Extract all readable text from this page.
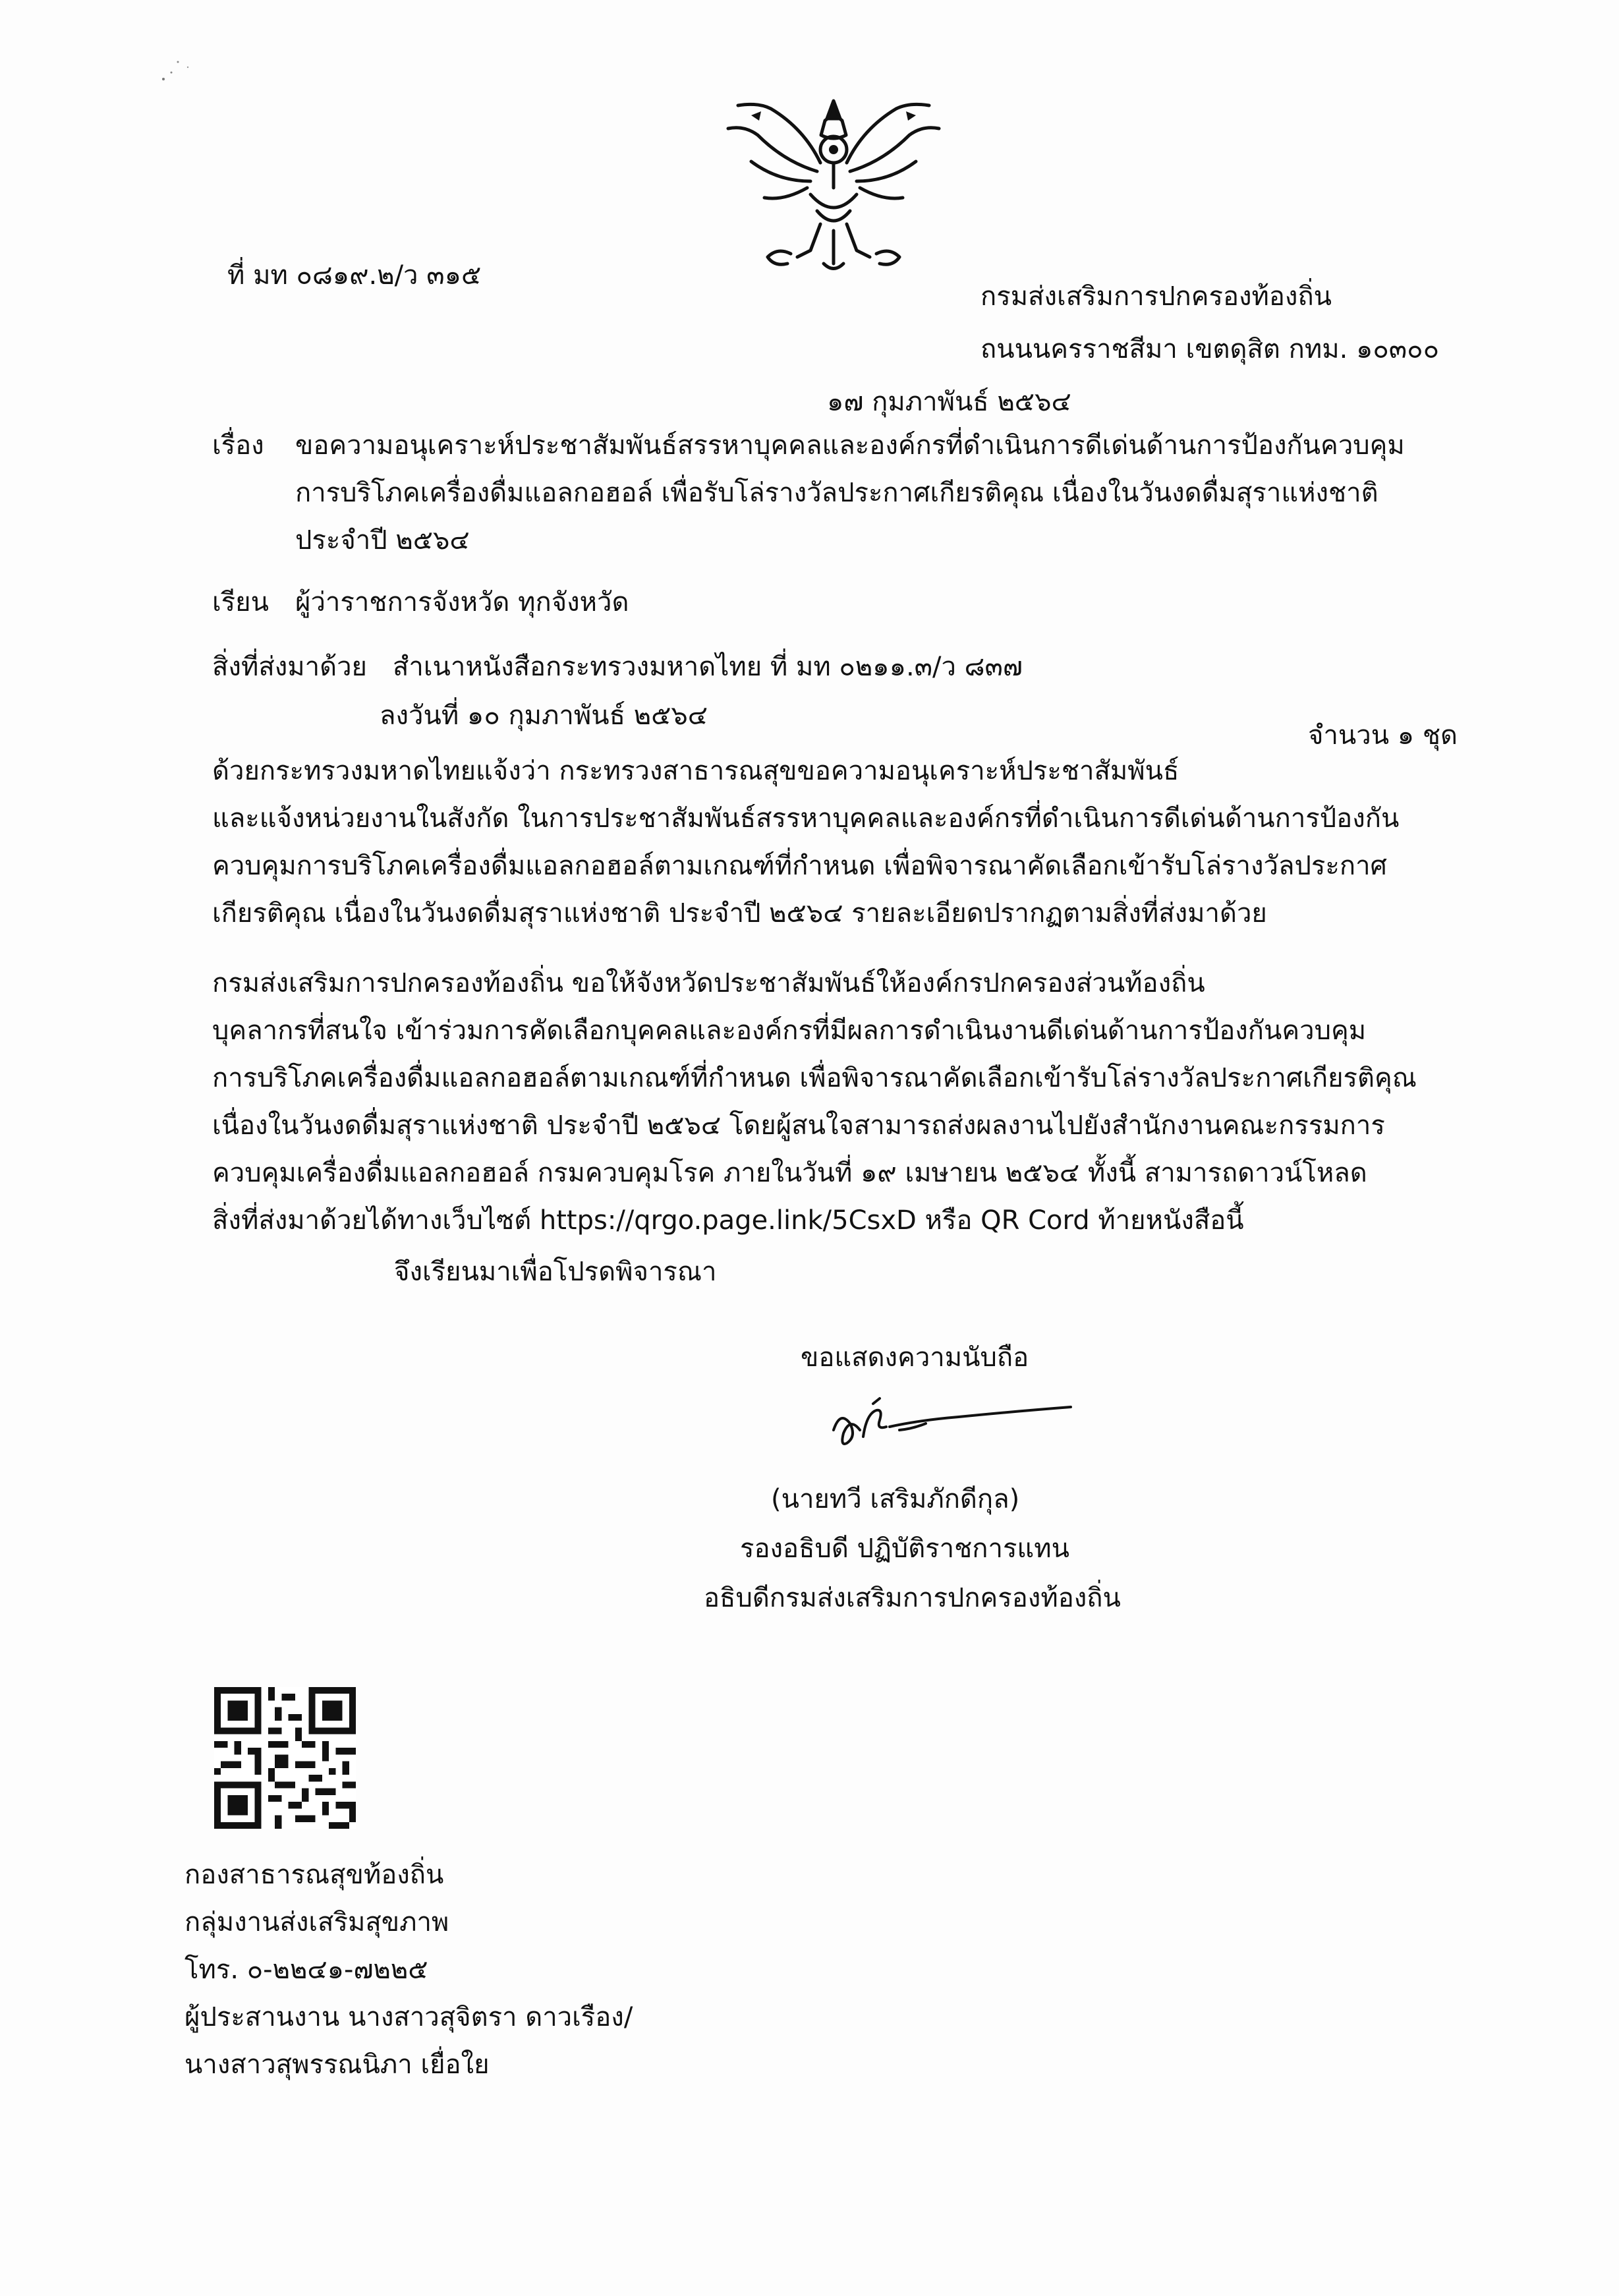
ที่ มท ๐๘๑๙.๒/ว ๓๑๕
กรมส่งเสริมการปกครองท้องถิ่น
ถนนนครราชสีมา เขตดุสิต กทม. ๑๐๓๐๐
๑๗ กุมภาพันธ์ ๒๕๖๔
เรื่อง ขอความอนุเคราะห์ประชาสัมพันธ์สรรหาบุคคลและองค์กรที่ดำเนินการดีเด่นด้านการป้องกันควบคุม
การบริโภคเครื่องดื่มแอลกอฮอล์ เพื่อรับโล่รางวัลประกาศเกียรติคุณ เนื่องในวันงดดื่มสุราแห่งชาติ
ประจำปี ๒๕๖๔
เรียน ผู้ว่าราชการจังหวัด ทุกจังหวัด
สิ่งที่ส่งมาด้วย สำเนาหนังสือกระทรวงมหาดไทย ที่ มท ๐๒๑๑.๓/ว ๘๓๗
ลงวันที่ ๑๐ กุมภาพันธ์ ๒๕๖๔
จำนวน ๑ ชุด
ด้วยกระทรวงมหาดไทยแจ้งว่า กระทรวงสาธารณสุขขอความอนุเคราะห์ประชาสัมพันธ์
และแจ้งหน่วยงานในสังกัด ในการประชาสัมพันธ์สรรหาบุคคลและองค์กรที่ดำเนินการดีเด่นด้านการป้องกัน
ควบคุมการบริโภคเครื่องดื่มแอลกอฮอล์ตามเกณฑ์ที่กำหนด เพื่อพิจารณาคัดเลือกเข้ารับโล่รางวัลประกาศ
เกียรติคุณ เนื่องในวันงดดื่มสุราแห่งชาติ ประจำปี ๒๕๖๔ รายละเอียดปรากฏตามสิ่งที่ส่งมาด้วย
กรมส่งเสริมการปกครองท้องถิ่น ขอให้จังหวัดประชาสัมพันธ์ให้องค์กรปกครองส่วนท้องถิ่น
บุคลากรที่สนใจ เข้าร่วมการคัดเลือกบุคคลและองค์กรที่มีผลการดำเนินงานดีเด่นด้านการป้องกันควบคุม
การบริโภคเครื่องดื่มแอลกอฮอล์ตามเกณฑ์ที่กำหนด เพื่อพิจารณาคัดเลือกเข้ารับโล่รางวัลประกาศเกียรติคุณ
เนื่องในวันงดดื่มสุราแห่งชาติ ประจำปี ๒๕๖๔ โดยผู้สนใจสามารถส่งผลงานไปยังสำนักงานคณะกรรมการ
ควบคุมเครื่องดื่มแอลกอฮอล์ กรมควบคุมโรค ภายในวันที่ ๑๙ เมษายน ๒๕๖๔ ทั้งนี้ สามารถดาวน์โหลด
สิ่งที่ส่งมาด้วยได้ทางเว็บไซต์ https://qrgo.page.link/5CsxD หรือ QR Cord ท้ายหนังสือนี้
จึงเรียนมาเพื่อโปรดพิจารณา
ขอแสดงความนับถือ
(นายทวี เสริมภักดีกุล)
รองอธิบดี ปฏิบัติราชการแทน
อธิบดีกรมส่งเสริมการปกครองท้องถิ่น
กองสาธารณสุขท้องถิ่น
กลุ่มงานส่งเสริมสุขภาพ
โทร. ๐-๒๒๔๑-๗๒๒๕
ผู้ประสานงาน นางสาวสุจิตรา ดาวเรือง/
นางสาวสุพรรณนิภา เยื่อใย
